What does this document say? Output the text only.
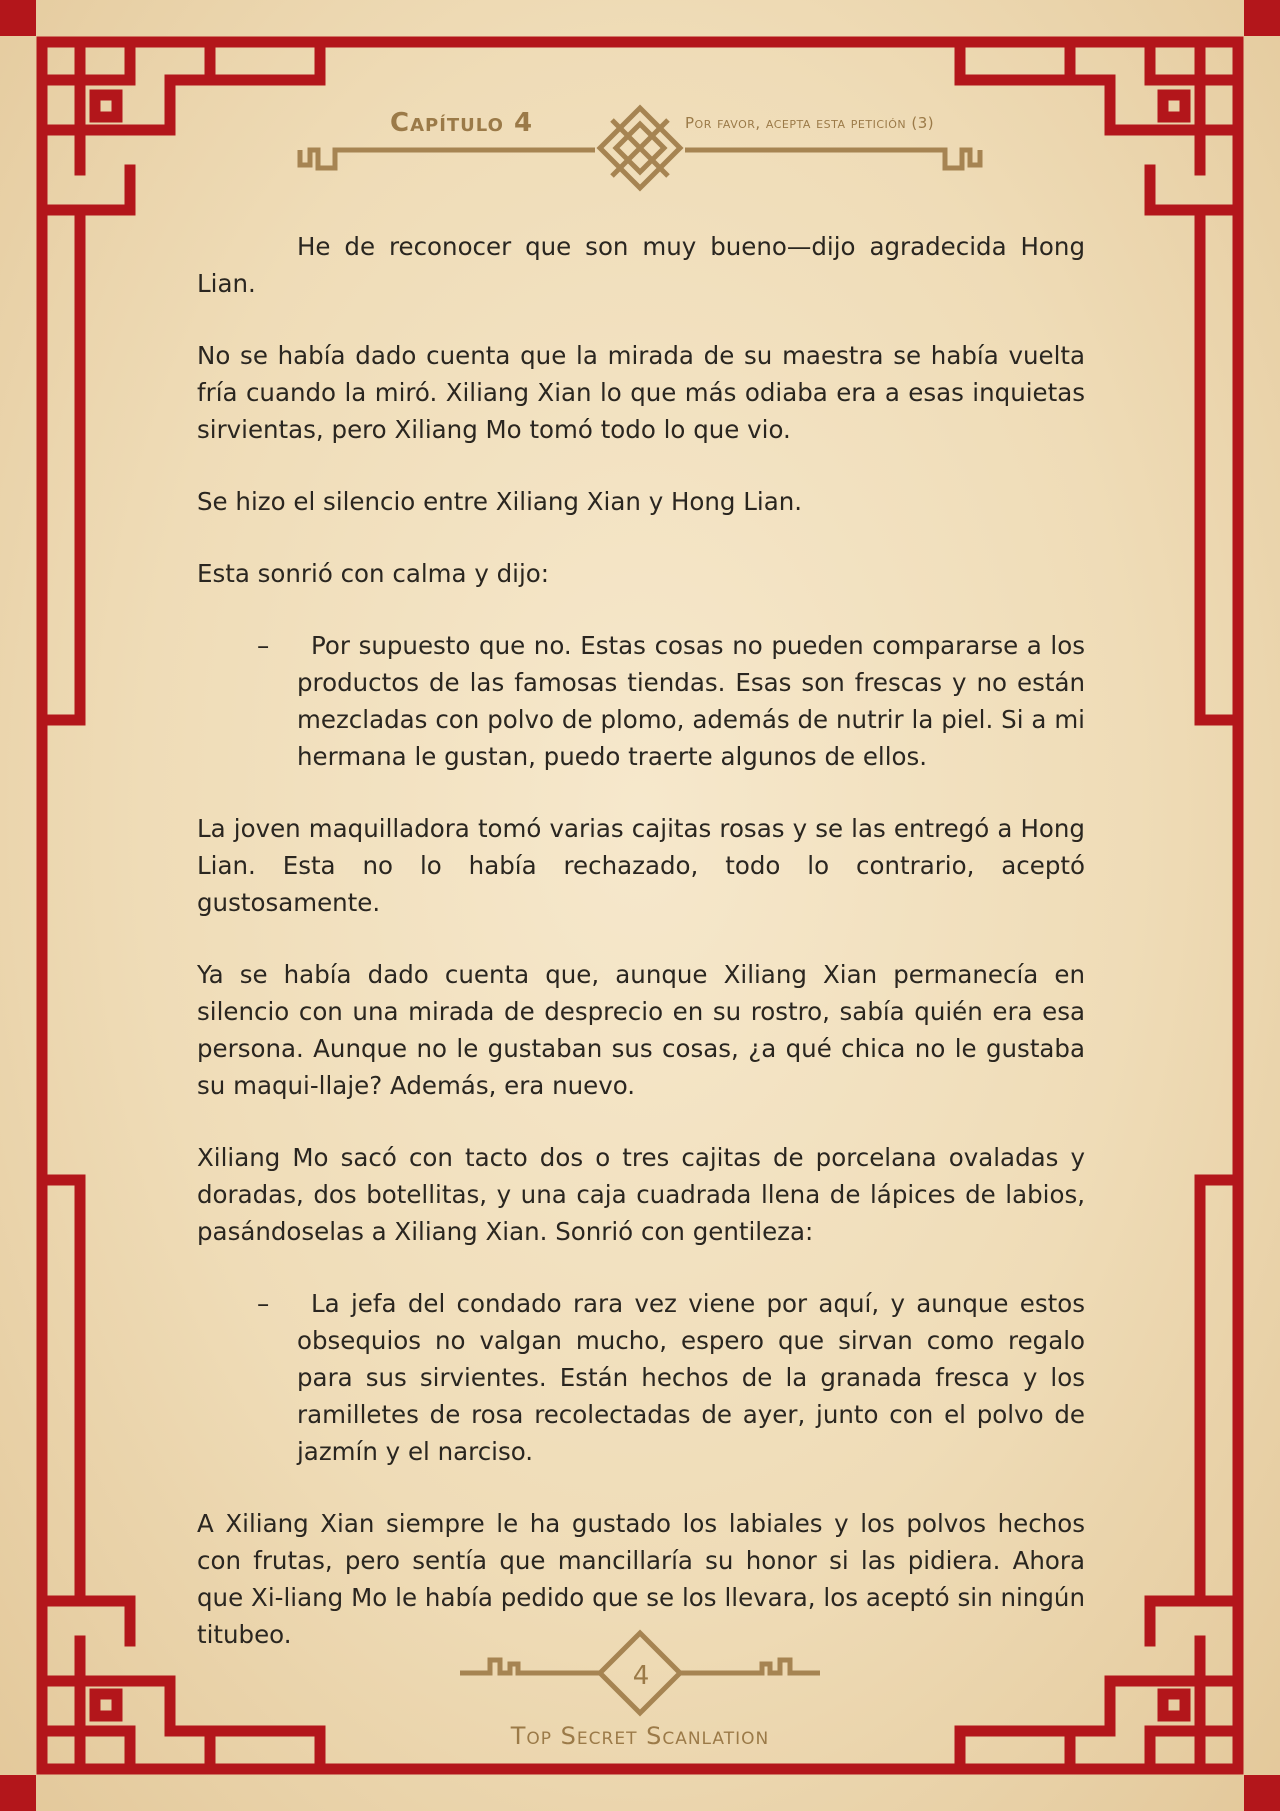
Capítulo 4	Por favor, acepta esta petición (3)

He de reconocer que son muy bueno—dijo agradecida Hong Lian.

No se había dado cuenta que la mirada de su maestra se había vuelta fría cuando la miró. Xiliang Xian lo que más odiaba era a esas inquietas sirvientas, pero Xiliang Mo tomó todo lo que vio.

Se hizo el silencio entre Xiliang Xian y Hong Lian.

Esta sonrió con calma y dijo:

–	Por supuesto que no. Estas cosas no pueden compararse a los productos de las famosas tiendas. Esas son frescas y no están mezcladas con polvo de plomo, además de nutrir la piel. Si a mi hermana le gustan, puedo traerte algunos de ellos.

La joven maquilladora tomó varias cajitas rosas y se las entregó a Hong Lian. Esta no lo había rechazado, todo lo contrario, aceptó gustosamente.

Ya se había dado cuenta que, aunque Xiliang Xian permanecía en silencio con una mirada de desprecio en su rostro, sabía quién era esa persona. Aunque no le gustaban sus cosas, ¿a qué chica no le gustaba su maqui-llaje? Además, era nuevo.

Xiliang Mo sacó con tacto dos o tres cajitas de porcelana ovaladas y doradas, dos botellitas, y una caja cuadrada llena de lápices de labios, pasándoselas a Xiliang Xian. Sonrió con gentileza:

–	La jefa del condado rara vez viene por aquí, y aunque estos obsequios no valgan mucho, espero que sirvan como regalo para sus sirvientes. Están hechos de la granada fresca y los ramilletes de rosa recolectadas de ayer, junto con el polvo de jazmín y el narciso.

A Xiliang Xian siempre le ha gustado los labiales y los polvos hechos con frutas, pero sentía que mancillaría su honor si las pidiera. Ahora que Xi-liang Mo le había pedido que se los llevara, los aceptó sin ningún titubeo.

4
Top Secret Scanlation
